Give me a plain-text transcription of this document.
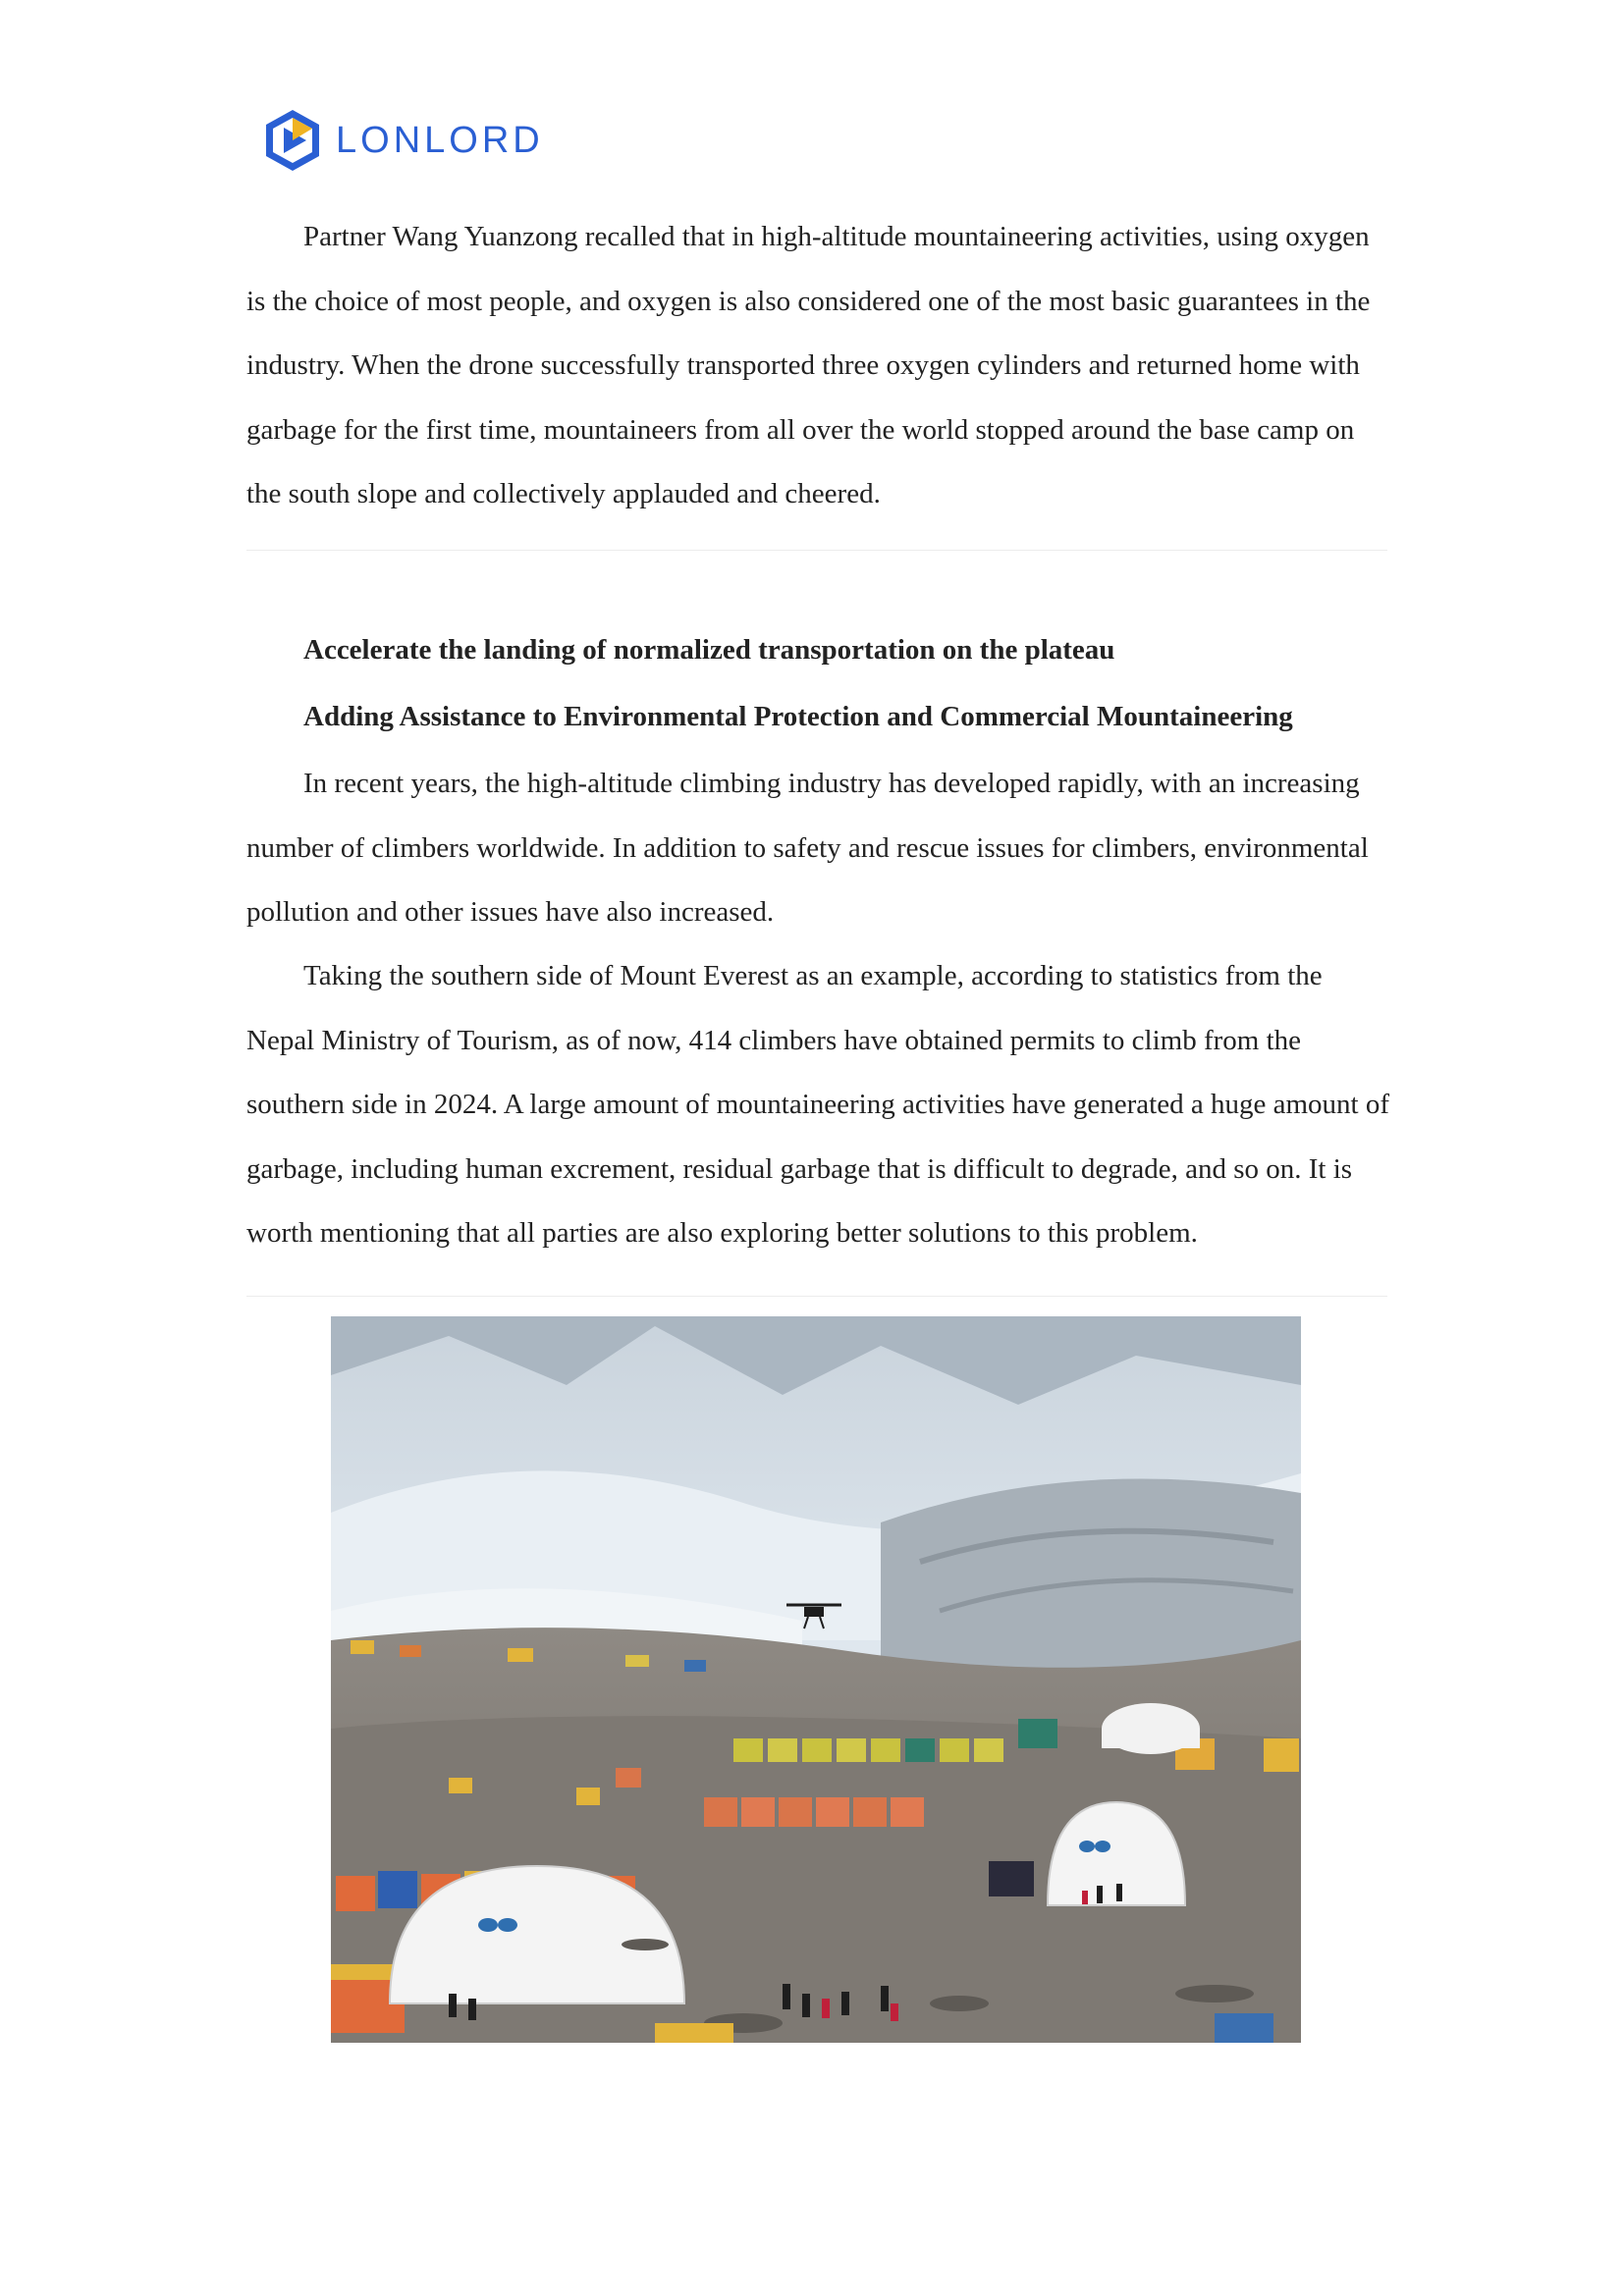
LONLORD

Partner Wang Yuanzong recalled that in high-altitude mountaineering activities, using oxygen is the choice of most people, and oxygen is also considered one of the most basic guarantees in the industry. When the drone successfully transported three oxygen cylinders and returned home with garbage for the first time, mountaineers from all over the world stopped around the base camp on the south slope and collectively applauded and cheered.

Accelerate the landing of normalized transportation on the plateau

Adding Assistance to Environmental Protection and Commercial Mountaineering

In recent years, the high-altitude climbing industry has developed rapidly, with an increasing number of climbers worldwide. In addition to safety and rescue issues for climbers, environmental pollution and other issues have also increased.

Taking the southern side of Mount Everest as an example, according to statistics from the Nepal Ministry of Tourism, as of now, 414 climbers have obtained permits to climb from the southern side in 2024. A large amount of mountaineering activities have generated a huge amount of garbage, including human excrement, residual garbage that is difficult to degrade, and so on. It is worth mentioning that all parties are also exploring better solutions to this problem.
